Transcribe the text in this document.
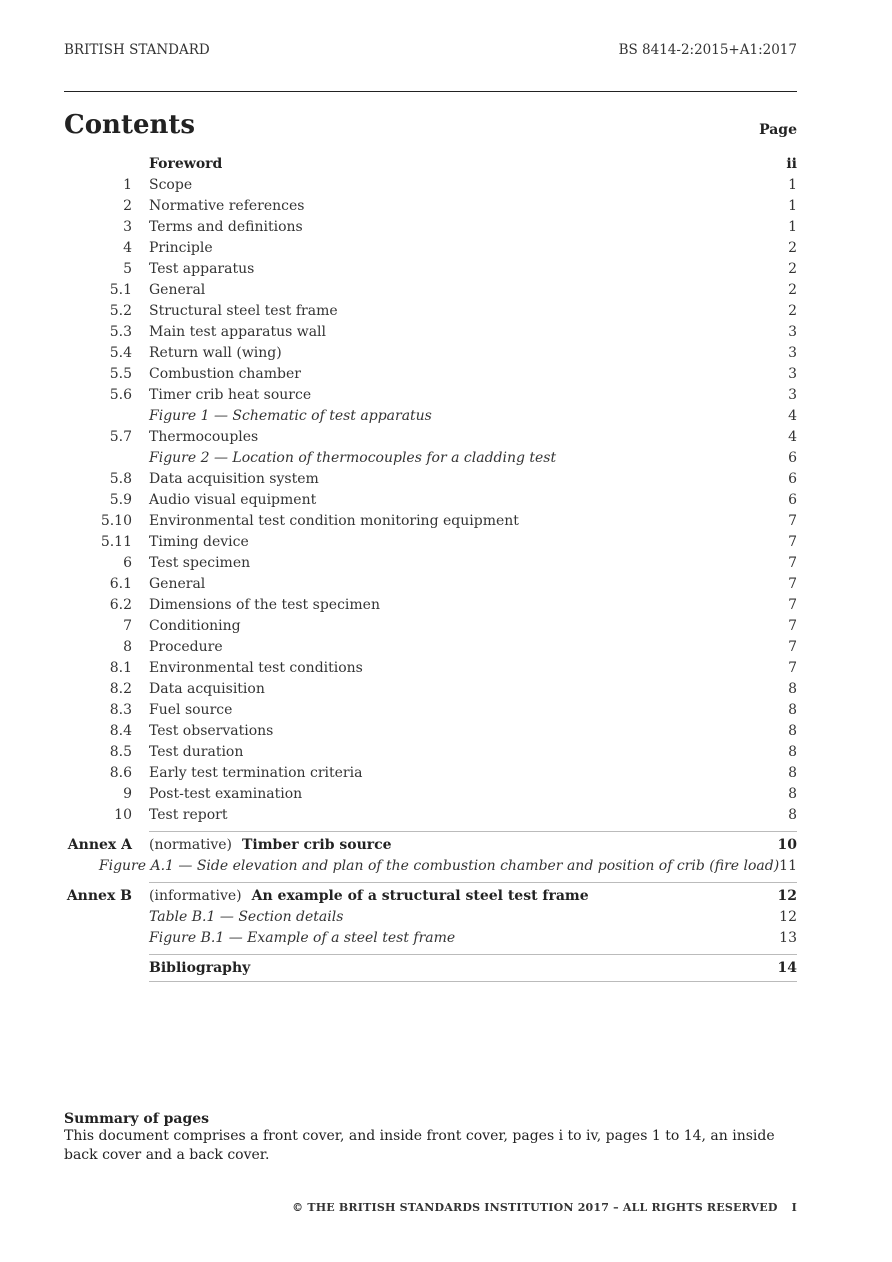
BRITISH STANDARD	BS 8414-2:2015+A1:2017
Contents	Page
Foreword	ii
1 Scope	1
2 Normative references	1
3 Terms and definitions	1
4 Principle	2
5 Test apparatus	2
5.1 General	2
5.2 Structural steel test frame	2
5.3 Main test apparatus wall	3
5.4 Return wall (wing)	3
5.5 Combustion chamber	3
5.6 Timer crib heat source	3
Figure 1 — Schematic of test apparatus	4
5.7 Thermocouples	4
Figure 2 — Location of thermocouples for a cladding test	6
5.8 Data acquisition system	6
5.9 Audio visual equipment	6
5.10 Environmental test condition monitoring equipment	7
5.11 Timing device	7
6 Test specimen	7
6.1 General	7
6.2 Dimensions of the test specimen	7
7 Conditioning	7
8 Procedure	7
8.1 Environmental test conditions	7
8.2 Data acquisition	8
8.3 Fuel source	8
8.4 Test observations	8
8.5 Test duration	8
8.6 Early test termination criteria	8
9 Post-test examination	8
10 Test report	8
Annex A (normative) Timber crib source	10
Figure A.1 — Side elevation and plan of the combustion chamber and position of crib (fire load) 11
Annex B (informative) An example of a structural steel test frame	12
Table B.1 — Section details	12
Figure B.1 — Example of a steel test frame	13
Bibliography	14
Summary of pages
This document comprises a front cover, and inside front cover, pages i to iv, pages 1 to 14, an inside back cover and a back cover.
© THE BRITISH STANDARDS INSTITUTION 2017 – ALL RIGHTS RESERVED I
